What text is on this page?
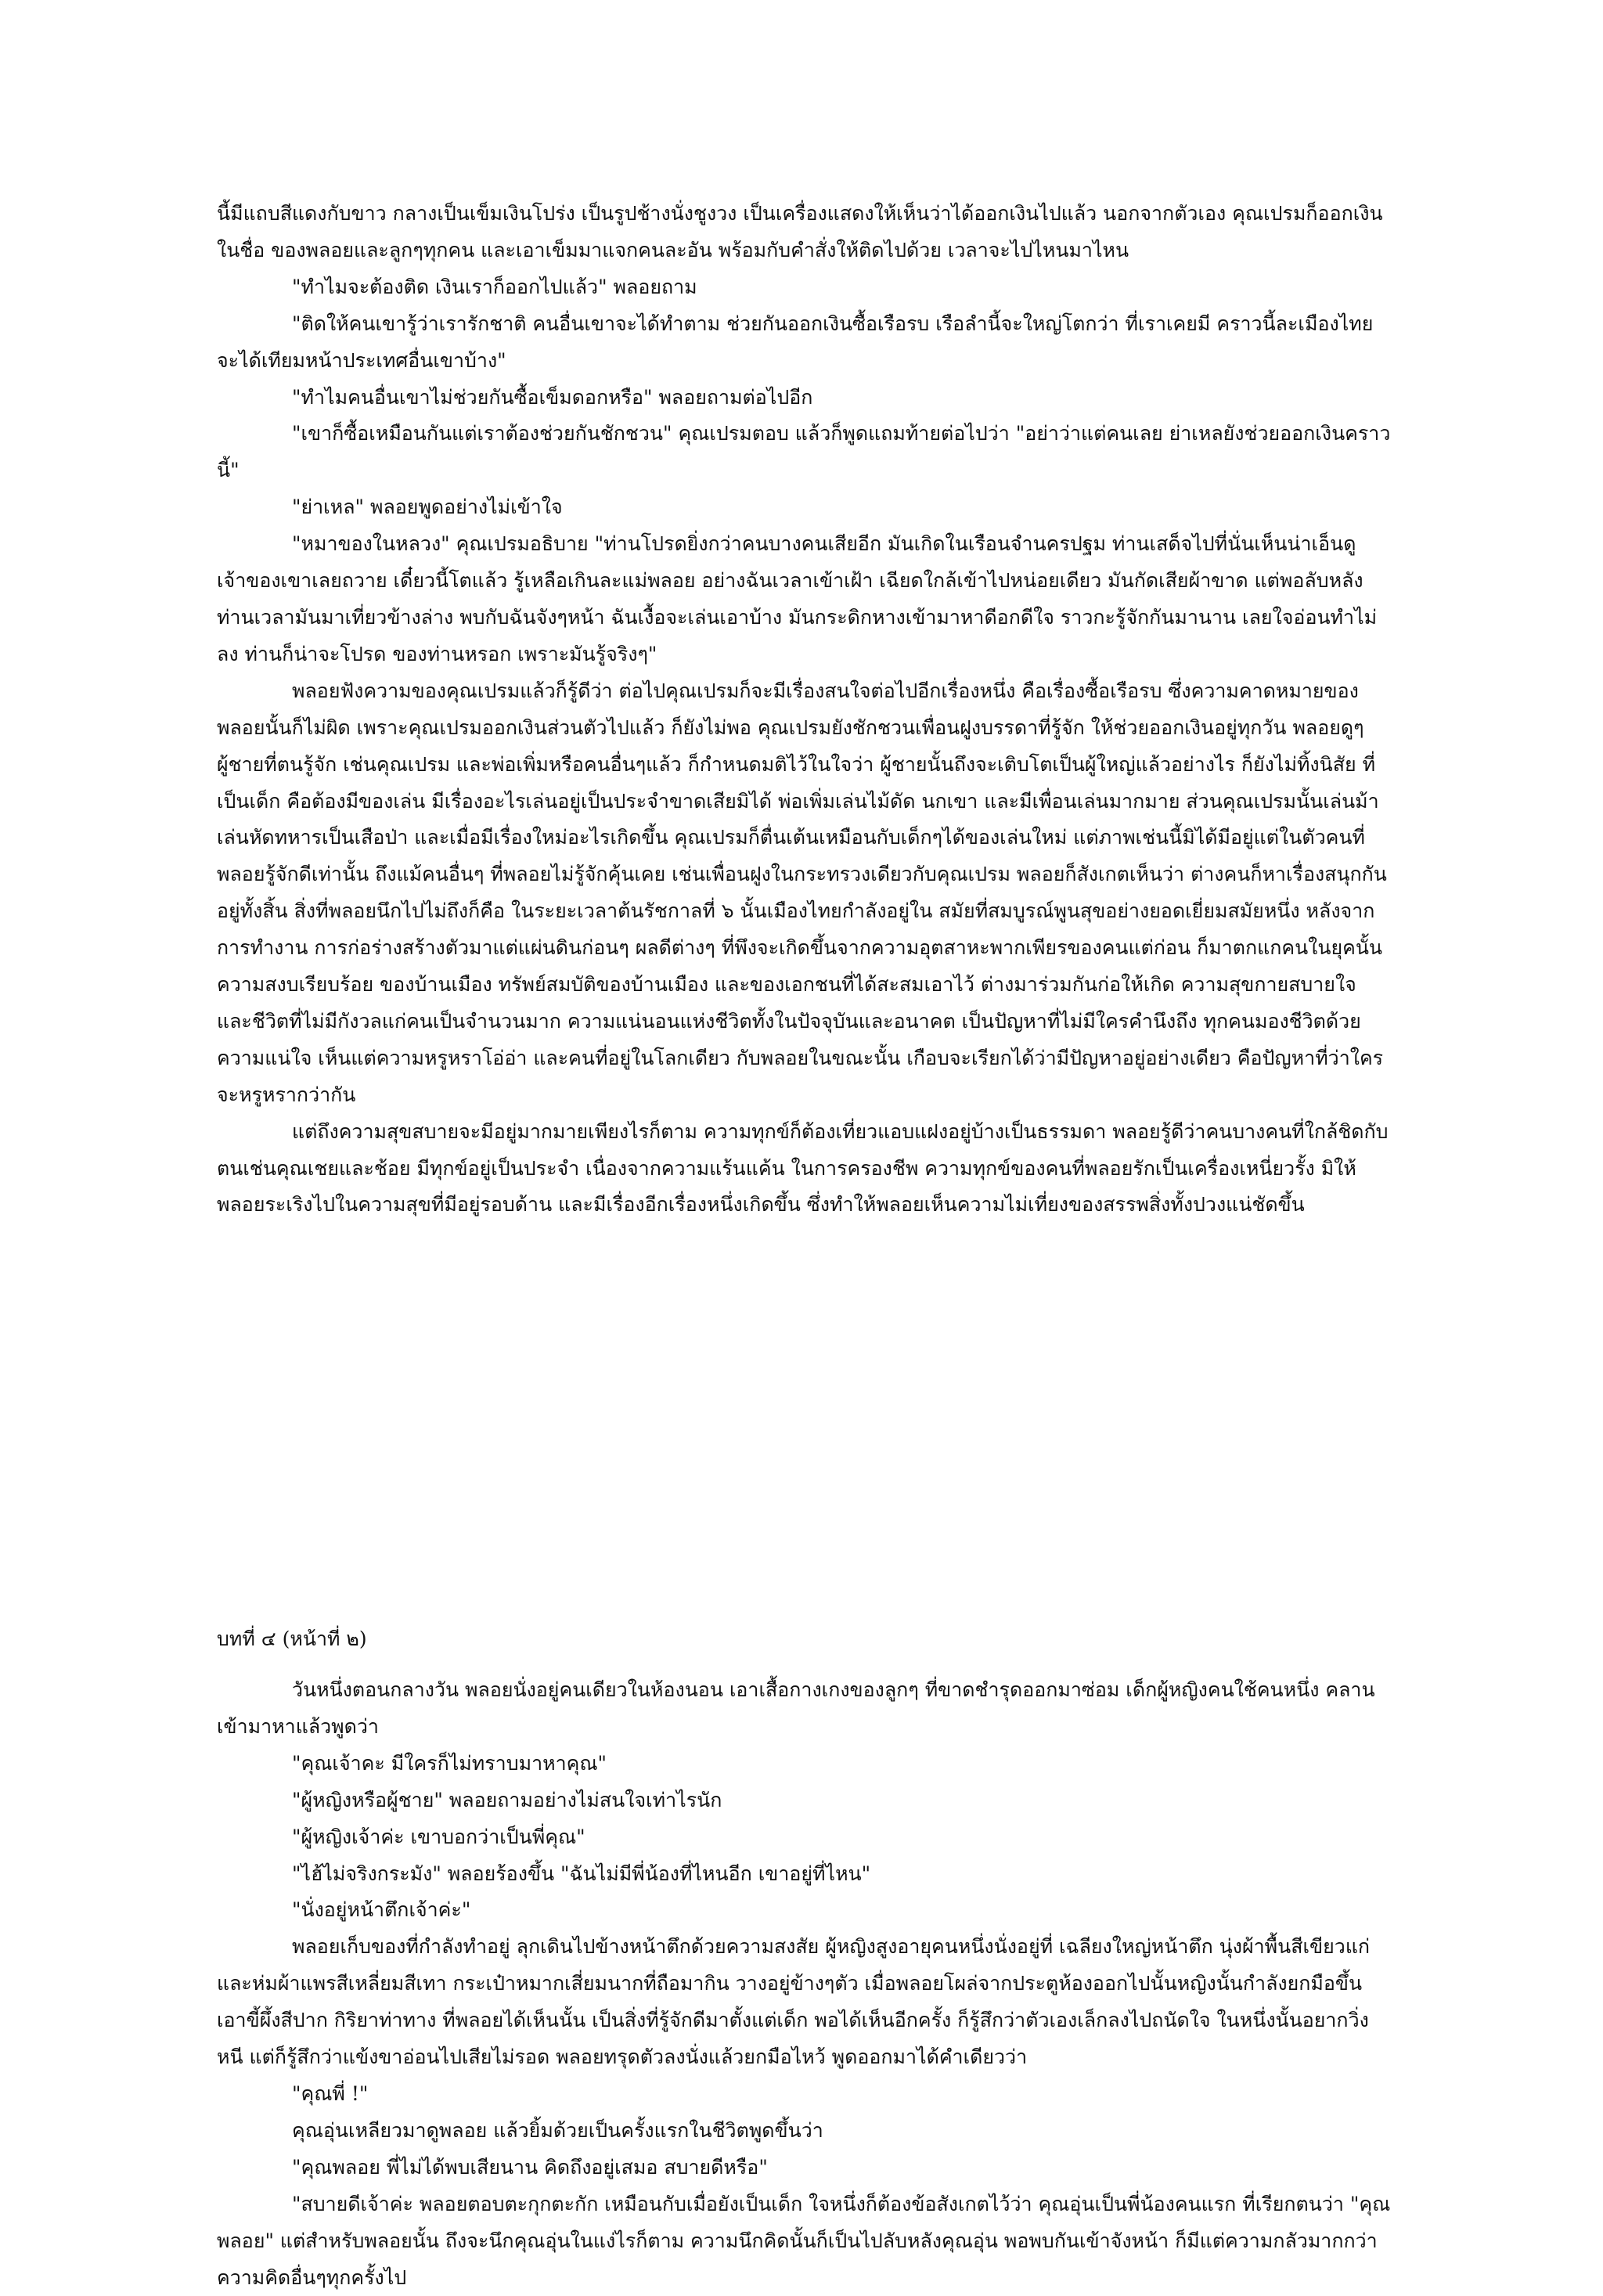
นี้มีแถบสีแดงกับขาว กลางเป็นเข็มเงินโปร่ง เป็นรูปช้างนั่งชูงวง เป็นเครื่องแสดงให้เห็นว่าได้ออกเงินไปแล้ว นอกจากตัวเอง คุณเปรมก็ออกเงินในชื่อ ของพลอยและลูกๆทุกคน และเอาเข็มมาแจกคนละอัน พร้อมกับคำสั่งให้ติดไปด้วย เวลาจะไปไหนมาไหน

"ทำไมจะต้องติด เงินเราก็ออกไปแล้ว" พลอยถาม

"ติดให้คนเขารู้ว่าเรารักชาติ คนอื่นเขาจะได้ทำตาม ช่วยกันออกเงินซื้อเรือรบ เรือลำนี้จะใหญ่โตกว่า ที่เราเคยมี คราวนี้ละเมืองไทยจะได้เทียมหน้าประเทศอื่นเขาบ้าง"

"ทำไมคนอื่นเขาไม่ช่วยกันซื้อเข็มดอกหรือ" พลอยถามต่อไปอีก

"เขาก็ซื้อเหมือนกันแต่เราต้องช่วยกันชักชวน" คุณเปรมตอบ แล้วก็พูดแถมท้ายต่อไปว่า "อย่าว่าแต่คนเลย ย่าเหลยังช่วยออกเงินคราวนี้"

"ย่าเหล" พลอยพูดอย่างไม่เข้าใจ

"หมาของในหลวง" คุณเปรมอธิบาย "ท่านโปรดยิ่งกว่าคนบางคนเสียอีก มันเกิดในเรือนจำนครปฐม ท่านเสด็จไปที่นั่นเห็นน่าเอ็นดู เจ้าของเขาเลยถวาย เดี๋ยวนี้โตแล้ว รู้เหลือเกินละแม่พลอย อย่างฉันเวลาเข้าเฝ้า เฉียดใกล้เข้าไปหน่อยเดียว มันกัดเสียผ้าขาด แต่พอลับหลังท่านเวลามันมาเที่ยวข้างล่าง พบกับฉันจังๆหน้า ฉันเงื้อจะเล่นเอาบ้าง มันกระดิกหางเข้ามาหาดีอกดีใจ ราวกะรู้จักกันมานาน เลยใจอ่อนทำไม่ลง ท่านก็น่าจะโปรด ของท่านหรอก เพราะมันรู้จริงๆ"

พลอยฟังความของคุณเปรมแล้วก็รู้ดีว่า ต่อไปคุณเปรมก็จะมีเรื่องสนใจต่อไปอีกเรื่องหนึ่ง คือเรื่องซื้อเรือรบ ซึ่งความคาดหมายของพลอยนั้นก็ไม่ผิด เพราะคุณเปรมออกเงินส่วนตัวไปแล้ว ก็ยังไม่พอ คุณเปรมยังชักชวนเพื่อนฝูงบรรดาที่รู้จัก ให้ช่วยออกเงินอยู่ทุกวัน พลอยดูๆผู้ชายที่ตนรู้จัก เช่นคุณเปรม และพ่อเพิ่มหรือคนอื่นๆแล้ว ก็กำหนดมติไว้ในใจว่า ผู้ชายนั้นถึงจะเติบโตเป็นผู้ใหญ่แล้วอย่างไร ก็ยังไม่ทิ้งนิสัย ที่เป็นเด็ก คือต้องมีของเล่น มีเรื่องอะไรเล่นอยู่เป็นประจำขาดเสียมิได้ พ่อเพิ่มเล่นไม้ดัด นกเขา และมีเพื่อนเล่นมากมาย ส่วนคุณเปรมนั้นเล่นม้า เล่นหัดทหารเป็นเสือป่า และเมื่อมีเรื่องใหม่อะไรเกิดขึ้น คุณเปรมก็ตื่นเต้นเหมือนกับเด็กๆได้ของเล่นใหม่ แต่ภาพเช่นนี้มิได้มีอยู่แต่ในตัวคนที่พลอยรู้จักดีเท่านั้น ถึงแม้คนอื่นๆ ที่พลอยไม่รู้จักคุ้นเคย เช่นเพื่อนฝูงในกระทรวงเดียวกับคุณเปรม พลอยก็สังเกตเห็นว่า ต่างคนก็หาเรื่องสนุกกันอยู่ทั้งสิ้น สิ่งที่พลอยนึกไปไม่ถึงก็คือ ในระยะเวลาต้นรัชกาลที่ ๖ นั้นเมืองไทยกำลังอยู่ใน สมัยที่สมบูรณ์พูนสุขอย่างยอดเยี่ยมสมัยหนึ่ง หลังจากการทำงาน การก่อร่างสร้างตัวมาแต่แผ่นดินก่อนๆ ผลดีต่างๆ ที่พึงจะเกิดขึ้นจากความอุตสาหะพากเพียรของคนแต่ก่อน ก็มาตกแกคนในยุคนั้น ความสงบเรียบร้อย ของบ้านเมือง ทรัพย์สมบัติของบ้านเมือง และของเอกชนที่ได้สะสมเอาไว้ ต่างมาร่วมกันก่อให้เกิด ความสุขกายสบายใจ และชีวิตที่ไม่มีกังวลแก่คนเป็นจำนวนมาก ความแน่นอนแห่งชีวิตทั้งในปัจจุบันและอนาคต เป็นปัญหาที่ไม่มีใครคำนึงถึง ทุกคนมองชีวิตด้วยความแน่ใจ เห็นแต่ความหรูหราโอ่อ่า และคนที่อยู่ในโลกเดียว กับพลอยในขณะนั้น เกือบจะเรียกได้ว่ามีปัญหาอยู่อย่างเดียว คือปัญหาที่ว่าใครจะหรูหรากว่ากัน

แต่ถึงความสุขสบายจะมีอยู่มากมายเพียงไรก็ตาม ความทุกข์ก็ต้องเที่ยวแอบแฝงอยู่บ้างเป็นธรรมดา พลอยรู้ดีว่าคนบางคนที่ใกล้ชิดกับตนเช่นคุณเชยและช้อย มีทุกข์อยู่เป็นประจำ เนื่องจากความแร้นแค้น ในการครองชีพ ความทุกข์ของคนที่พลอยรักเป็นเครื่องเหนี่ยวรั้ง มิให้พลอยระเริงไปในความสุขที่มีอยู่รอบด้าน และมีเรื่องอีกเรื่องหนึ่งเกิดขึ้น ซึ่งทำให้พลอยเห็นความไม่เที่ยงของสรรพสิ่งทั้งปวงแน่ชัดขึ้น

บทที่ ๔ (หน้าที่ ๒)

วันหนึ่งตอนกลางวัน พลอยนั่งอยู่คนเดียวในห้องนอน เอาเสื้อกางเกงของลูกๆ ที่ขาดชำรุดออกมาซ่อม เด็กผู้หญิงคนใช้คนหนึ่ง คลานเข้ามาหาแล้วพูดว่า

"คุณเจ้าคะ มีใครก็ไม่ทราบมาหาคุณ"

"ผู้หญิงหรือผู้ชาย" พลอยถามอย่างไม่สนใจเท่าไรนัก

"ผู้หญิงเจ้าค่ะ เขาบอกว่าเป็นพี่คุณ"

"ไฮ้ไม่จริงกระมัง" พลอยร้องขึ้น "ฉันไม่มีพี่น้องที่ไหนอีก เขาอยู่ที่ไหน"

"นั่งอยู่หน้าตึกเจ้าค่ะ"

พลอยเก็บของที่กำลังทำอยู่ ลุกเดินไปข้างหน้าตึกด้วยความสงสัย ผู้หญิงสูงอายุคนหนึ่งนั่งอยู่ที่ เฉลียงใหญ่หน้าตึก นุ่งผ้าพื้นสีเขียวแก่ และห่มผ้าแพรสีเหลี่ยมสีเทา กระเป๋าหมากเสี่ยมนากที่ถือมากิน วางอยู่ข้างๆตัว เมื่อพลอยโผล่จากประตูห้องออกไปนั้นหญิงนั้นกำลังยกมือขึ้นเอาขี้ผึ้งสีปาก กิริยาท่าทาง ที่พลอยได้เห็นนั้น เป็นสิ่งที่รู้จักดีมาตั้งแต่เด็ก พอได้เห็นอีกครั้ง ก็รู้สึกว่าตัวเองเล็กลงไปถนัดใจ ในหนึ่งนั้นอยากวิ่งหนี แต่ก็รู้สึกว่าแข้งขาอ่อนไปเสียไม่รอด พลอยทรุดตัวลงนั่งแล้วยกมือไหว้ พูดออกมาได้คำเดียวว่า

"คุณพี่ !"

คุณอุ่นเหลียวมาดูพลอย แล้วยิ้มด้วยเป็นครั้งแรกในชีวิตพูดขึ้นว่า

"คุณพลอย พี่ไม่ได้พบเสียนาน คิดถึงอยู่เสมอ สบายดีหรือ"

"สบายดีเจ้าค่ะ พลอยตอบตะกุกตะกัก เหมือนกับเมื่อยังเป็นเด็ก ใจหนึ่งก็ต้องข้อสังเกตไว้ว่า คุณอุ่นเป็นพี่น้องคนแรก ที่เรียกตนว่า "คุณพลอย" แต่สำหรับพลอยนั้น ถึงจะนึกคุณอุ่นในแง่ไรก็ตาม ความนึกคิดนั้นก็เป็นไปลับหลังคุณอุ่น พอพบกันเข้าจังหน้า ก็มีแต่ความกลัวมากกว่าความคิดอื่นๆทุกครั้งไป
